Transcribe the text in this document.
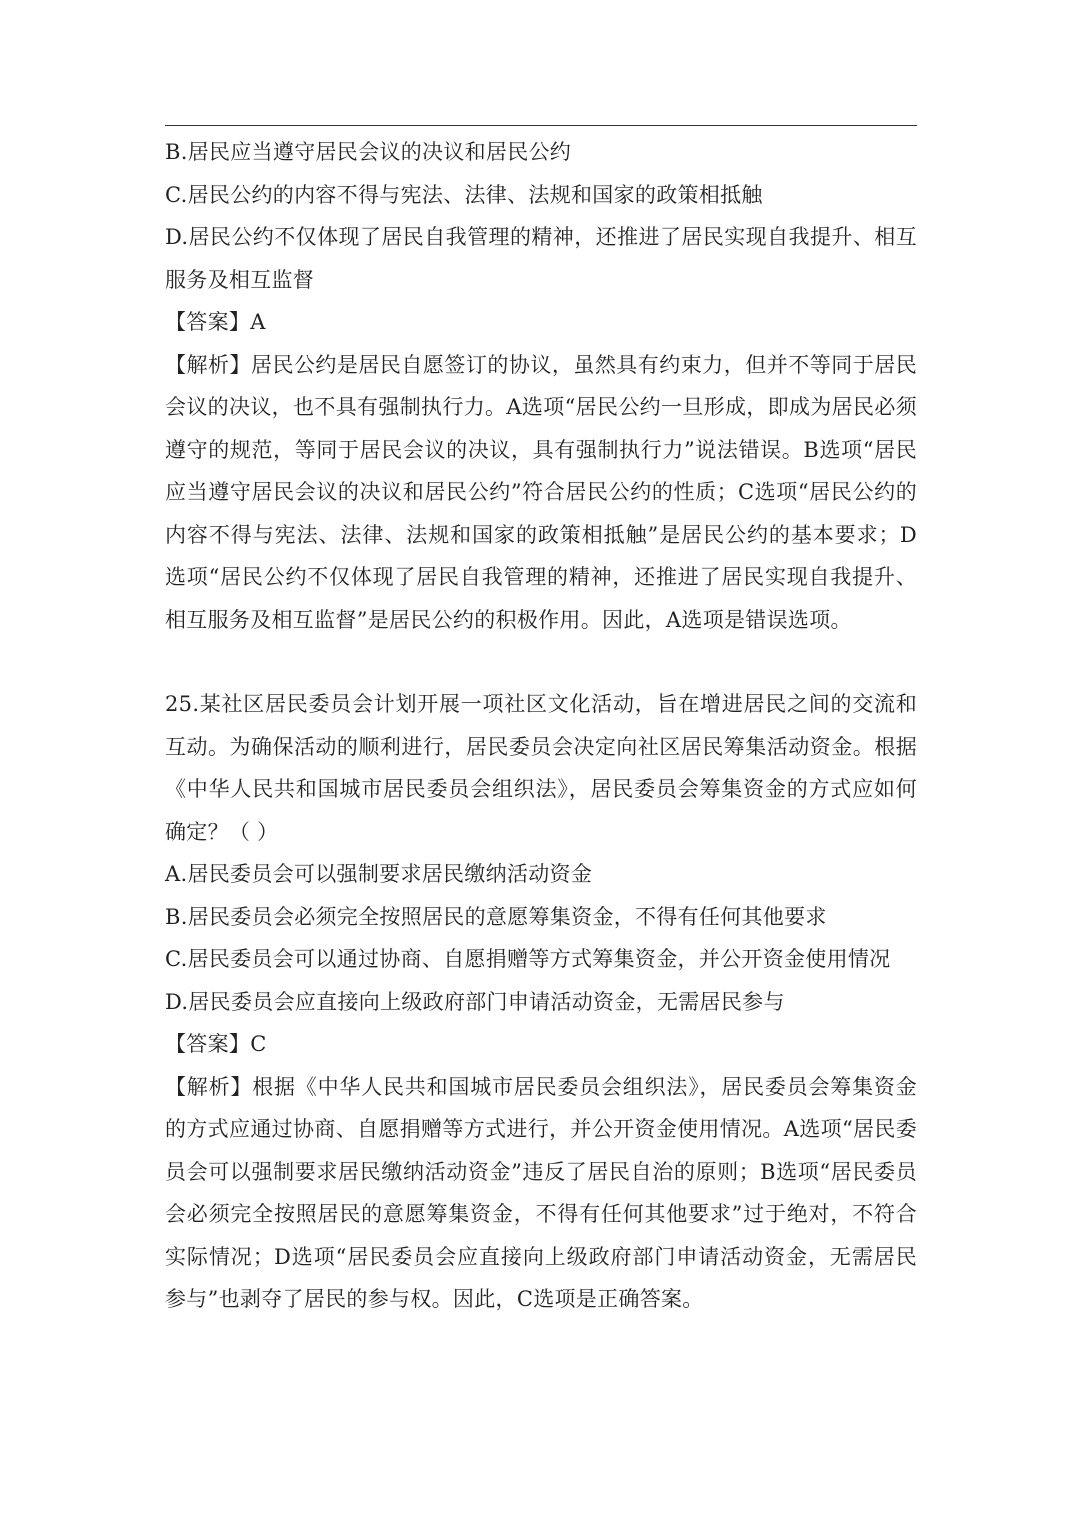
B.居民应当遵守居民会议的决议和居民公约

C.居民公约的内容不得与宪法、法律、法规和国家的政策相抵触

D.居民公约不仅体现了居民自我管理的精神，还推进了居民实现自我提升、相互服务及相互监督

【答案】A

【解析】居民公约是居民自愿签订的协议，虽然具有约束力，但并不等同于居民会议的决议，也不具有强制执行力。A选项“居民公约一旦形成，即成为居民必须遵守的规范，等同于居民会议的决议，具有强制执行力”说法错误。B选项“居民应当遵守居民会议的决议和居民公约”符合居民公约的性质；C选项“居民公约的内容不得与宪法、法律、法规和国家的政策相抵触”是居民公约的基本要求；D选项“居民公约不仅体现了居民自我管理的精神，还推进了居民实现自我提升、相互服务及相互监督”是居民公约的积极作用。因此，A选项是错误选项。

25.某社区居民委员会计划开展一项社区文化活动，旨在增进居民之间的交流和互动。为确保活动的顺利进行，居民委员会决定向社区居民筹集活动资金。根据《中华人民共和国城市居民委员会组织法》，居民委员会筹集资金的方式应如何确定？（ ）

A.居民委员会可以强制要求居民缴纳活动资金

B.居民委员会必须完全按照居民的意愿筹集资金，不得有任何其他要求

C.居民委员会可以通过协商、自愿捐赠等方式筹集资金，并公开资金使用情况

D.居民委员会应直接向上级政府部门申请活动资金，无需居民参与

【答案】C

【解析】根据《中华人民共和国城市居民委员会组织法》，居民委员会筹集资金的方式应通过协商、自愿捐赠等方式进行，并公开资金使用情况。A选项“居民委员会可以强制要求居民缴纳活动资金”违反了居民自治的原则；B选项“居民委员会必须完全按照居民的意愿筹集资金，不得有任何其他要求”过于绝对，不符合实际情况；D选项“居民委员会应直接向上级政府部门申请活动资金，无需居民参与”也剥夺了居民的参与权。因此，C选项是正确答案。
